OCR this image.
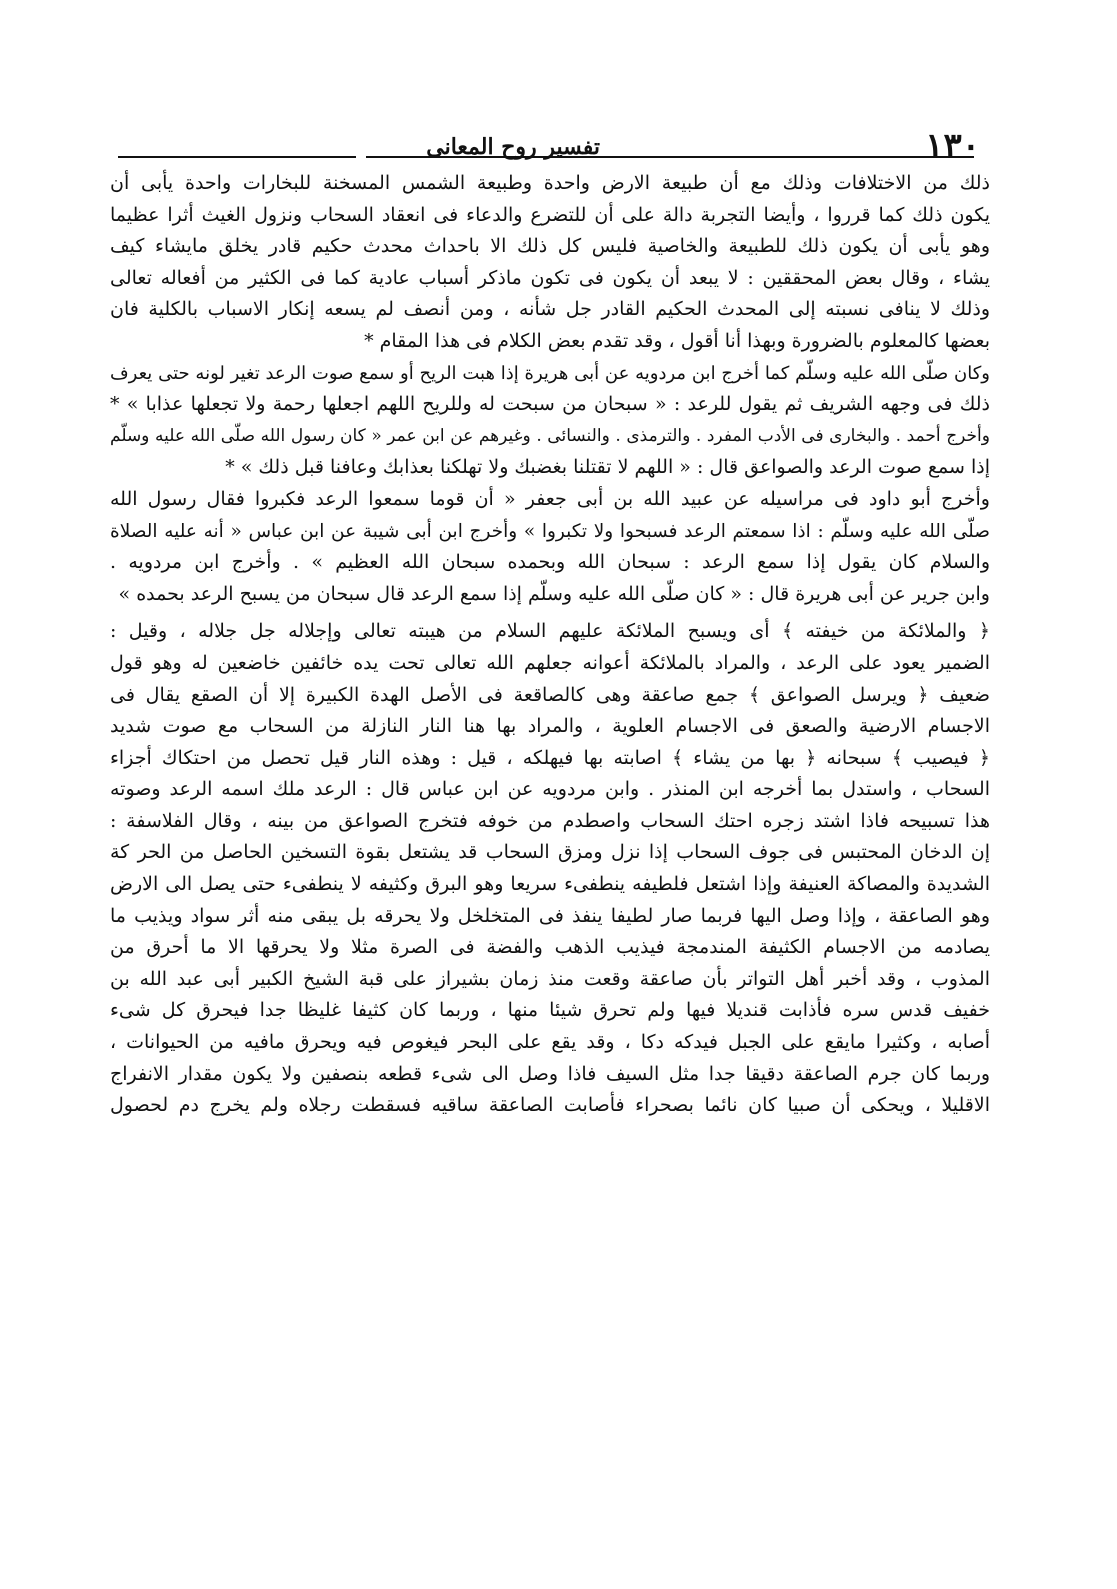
١٣٠
تفسير روح المعانى
ذلك من الاختلافات وذلك مع أن طبيعة الارض واحدة وطبيعة الشمس المسخنة للبخارات واحدة يأبى أن
يكون ذلك كما قرروا ، وأيضا التجربة دالة على أن للتضرع والدعاء فى انعقاد السحاب ونزول الغيث أثرا عظيما
وهو يأبى أن يكون ذلك للطبيعة والخاصية فليس كل ذلك الا باحداث محدث حكيم قادر يخلق مايشاء كيف
يشاء ، وقال بعض المحققين : لا يبعد أن يكون فى تكون ماذكر أسباب عادية كما فى الكثير من أفعاله تعالى
وذلك لا ينافى نسبته إلى المحدث الحكيم القادر جل شأنه ، ومن أنصف لم يسعه إنكار الاسباب بالكلية فان
بعضها كالمعلوم بالضرورة وبهذا أنا أقول ، وقد تقدم بعض الكلام فى هذا المقام *
وكان صلّى الله عليه وسلّم كما أخرج ابن مردويه عن أبى هريرة إذا هبت الريح أو سمع صوت الرعد تغير لونه حتى يعرف
ذلك فى وجهه الشريف ثم يقول للرعد : « سبحان من سبحت له وللريح اللهم اجعلها رحمة ولا تجعلها عذابا » *
وأخرج أحمد . والبخارى فى الأدب المفرد . والترمذى . والنسائى . وغيرهم عن ابن عمر « كان رسول الله صلّى الله عليه وسلّم
إذا سمع صوت الرعد والصواعق قال : « اللهم لا تقتلنا بغضبك ولا تهلكنا بعذابك وعافنا قبل ذلك » *
وأخرج أبو داود فى مراسيله عن عبيد الله بن أبى جعفر « أن قوما سمعوا الرعد فكبروا فقال رسول الله
صلّى الله عليه وسلّم : اذا سمعتم الرعد فسبحوا ولا تكبروا » وأخرج ابن أبى شيبة عن ابن عباس « أنه عليه الصلاة
والسلام كان يقول إذا سمع الرعد : سبحان الله وبحمده سبحان الله العظيم » . وأخرج ابن مردويه .
وابن جرير عن أبى هريرة قال : « كان صلّى الله عليه وسلّم إذا سمع الرعد قال سبحان من يسبح الرعد بحمده »
﴿ والملائكة من خيفته ﴾ أى ويسبح الملائكة عليهم السلام من هيبته تعالى وإجلاله جل جلاله ، وقيل :
الضمير يعود على الرعد ، والمراد بالملائكة أعوانه جعلهم الله تعالى تحت يده خائفين خاضعين له وهو قول
ضعيف ﴿ ويرسل الصواعق ﴾ جمع صاعقة وهى كالصاقعة فى الأصل الهدة الكبيرة إلا أن الصقع يقال فى
الاجسام الارضية والصعق فى الاجسام العلوية ، والمراد بها هنا النار النازلة من السحاب مع صوت شديد
﴿ فيصيب ﴾ سبحانه ﴿ بها من يشاء ﴾ اصابته بها فيهلكه ، قيل : وهذه النار قيل تحصل من احتكاك أجزاء
السحاب ، واستدل بما أخرجه ابن المنذر . وابن مردويه عن ابن عباس قال : الرعد ملك اسمه الرعد وصوته
هذا تسبيحه فاذا اشتد زجره احتك السحاب واصطدم من خوفه فتخرج الصواعق من بينه ، وقال الفلاسفة :
إن الدخان المحتبس فى جوف السحاب إذا نزل ومزق السحاب قد يشتعل بقوة التسخين الحاصل من الحر كة
الشديدة والمصاكة العنيفة وإذا اشتعل فلطيفه ينطفىء سريعا وهو البرق وكثيفه لا ينطفىء حتى يصل الى الارض
وهو الصاعقة ، وإذا وصل اليها فربما صار لطيفا ينفذ فى المتخلخل ولا يحرقه بل يبقى منه أثر سواد ويذيب ما
يصادمه من الاجسام الكثيفة المندمجة فيذيب الذهب والفضة فى الصرة مثلا ولا يحرقها الا ما أحرق من
المذوب ، وقد أخبر أهل التواتر بأن صاعقة وقعت منذ زمان بشيراز على قبة الشيخ الكبير أبى عبد الله بن
خفيف قدس سره فأذابت قنديلا فيها ولم تحرق شيئا منها ، وربما كان كثيفا غليظا جدا فيحرق كل شىء
أصابه ، وكثيرا مايقع على الجبل فيدكه دكا ، وقد يقع على البحر فيغوص فيه ويحرق مافيه من الحيوانات ،
وربما كان جرم الصاعقة دقيقا جدا مثل السيف فاذا وصل الى شىء قطعه بنصفين ولا يكون مقدار الانفراج
الاقليلا ، ويحكى أن صبيا كان نائما بصحراء فأصابت الصاعقة ساقيه فسقطت رجلاه ولم يخرج دم لحصول
